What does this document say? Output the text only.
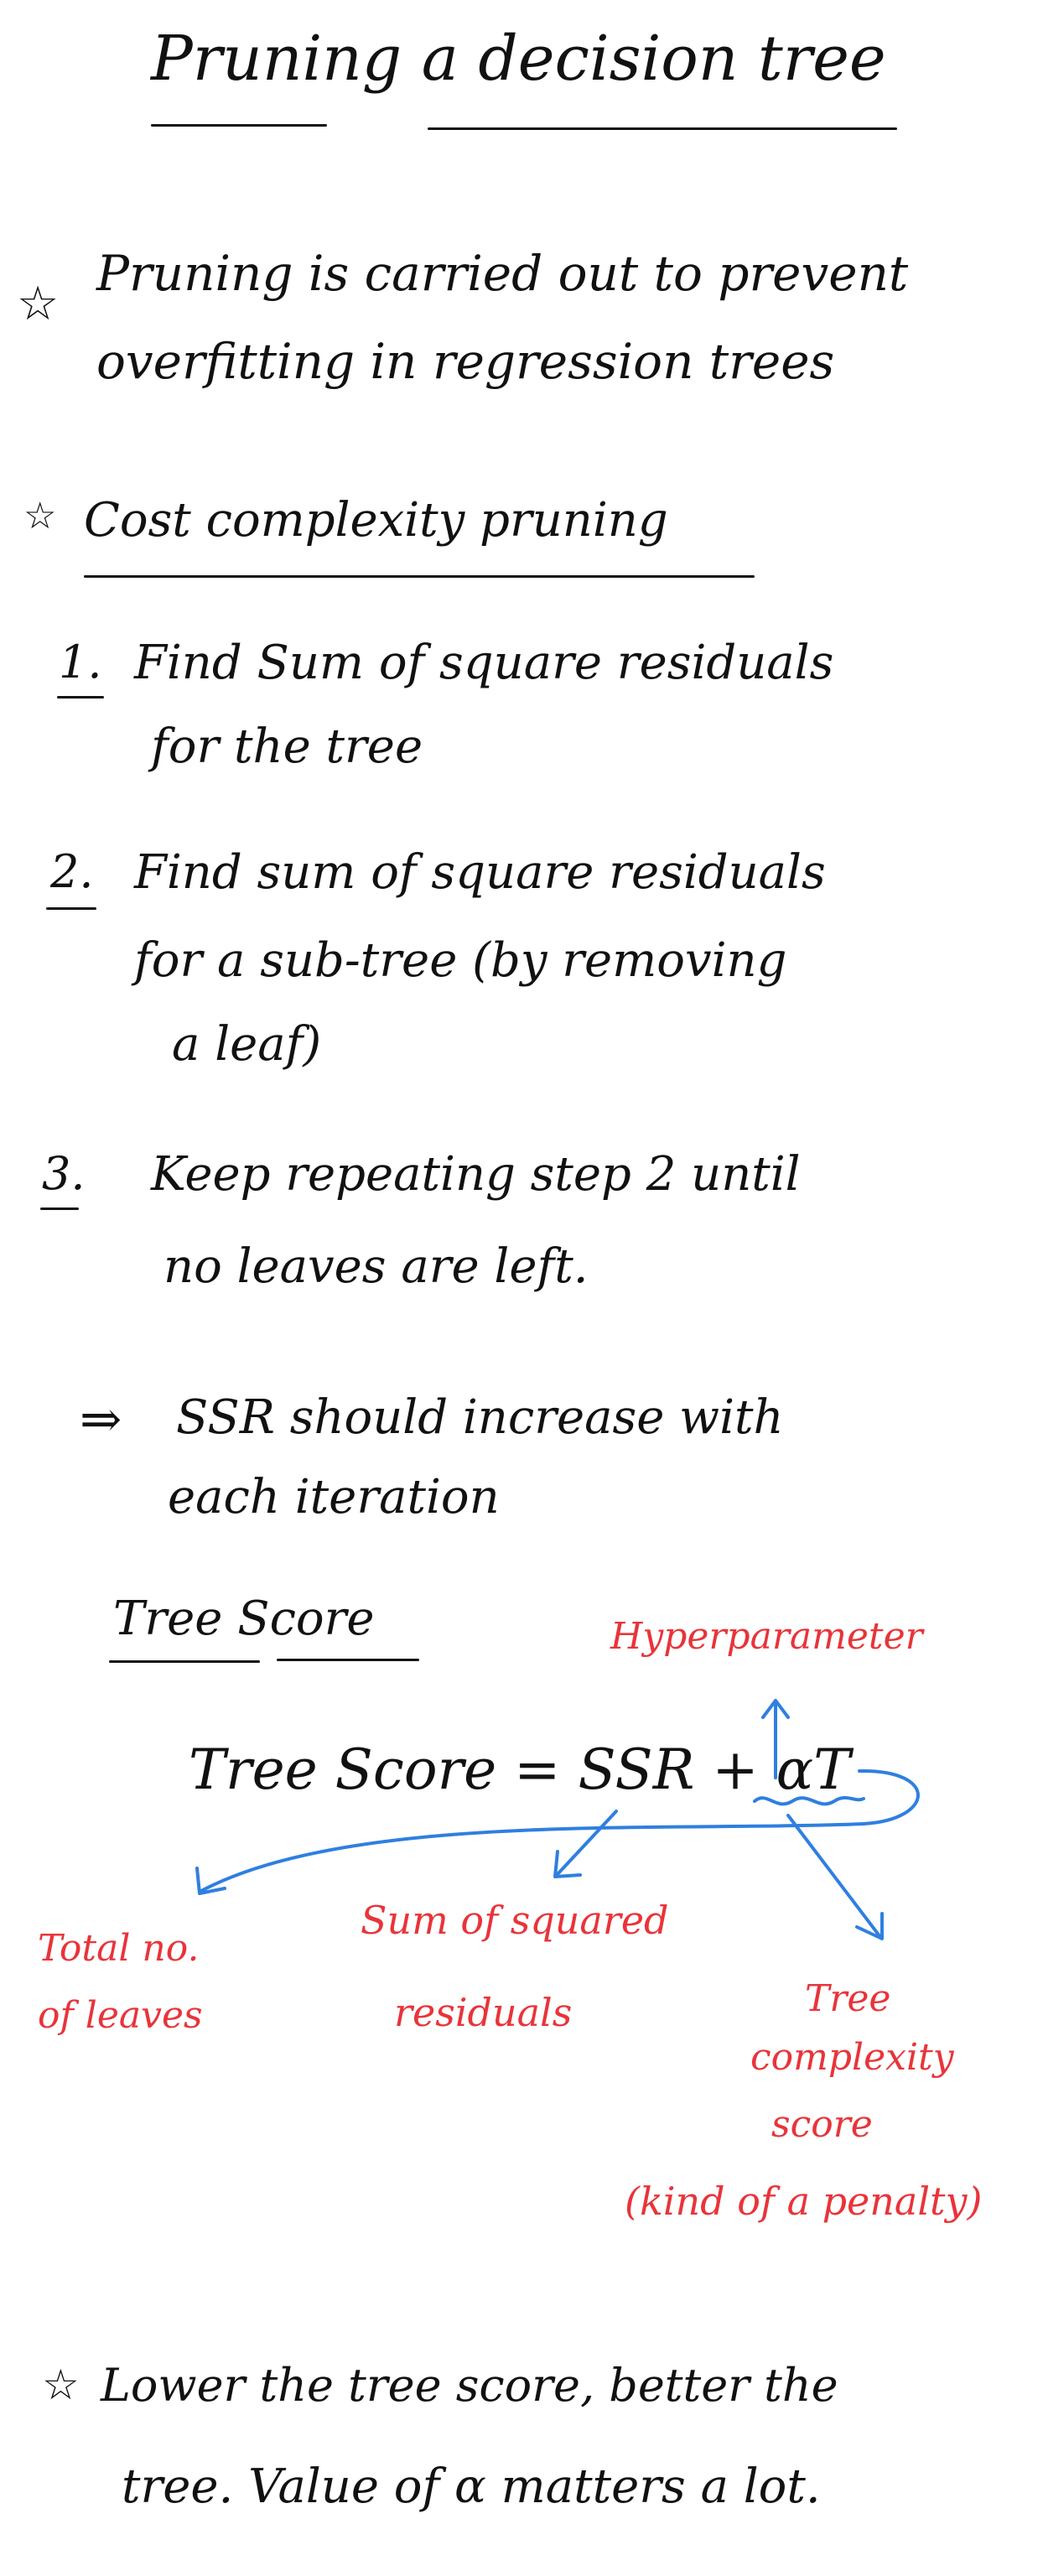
Pruning a decision tree
☆
Pruning is carried out to prevent
overfitting in regression trees
☆ Cost complexity pruning
1. Find Sum of square residuals
for the tree
2. Find sum of square residuals
for a sub-tree (by removing
a leaf)
3. Keep repeating step 2 until
no leaves are left.
⇒ SSR should increase with
each iteration
Tree Score	Hyperparameter
Tree Score = SSR + αT
Total no.
of leaves
Sum of squared
residuals	Tree
complexity
score
(kind of a penalty)
☆ Lower the tree score, better the
tree. Value of α matters a lot.
